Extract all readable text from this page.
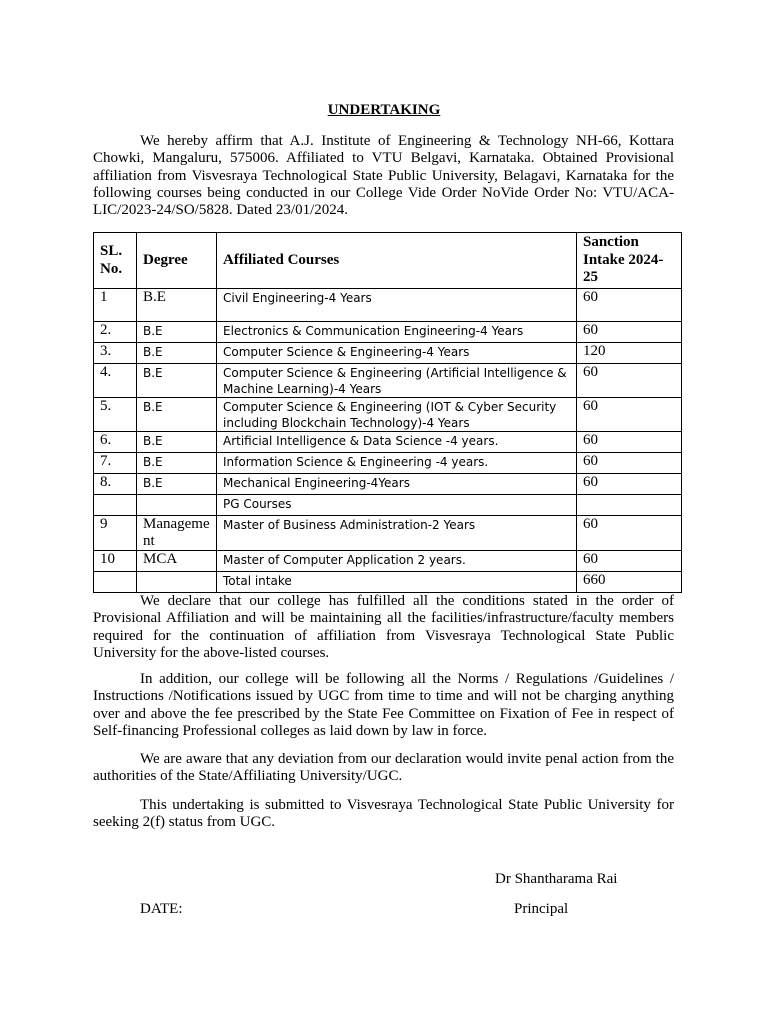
UNDERTAKING

We hereby affirm that A.J. Institute of Engineering & Technology NH-66, Kottara Chowki, Mangaluru, 575006. Affiliated to VTU Belgavi, Karnataka. Obtained Provisional affiliation from Visvesraya Technological State Public University, Belagavi, Karnataka for the following courses being conducted in our College Vide Order NoVide Order No: VTU/ACA-LIC/2023-24/SO/5828. Dated 23/01/2024.

SL. No.	Degree	Affiliated Courses	Sanction Intake 2024-25
1	B.E	Civil Engineering-4 Years	60
2.	B.E	Electronics & Communication Engineering-4 Years	60
3.	B.E	Computer Science & Engineering-4 Years	120
4.	B.E	Computer Science & Engineering (Artificial Intelligence & Machine Learning)-4 Years	60
5.	B.E	Computer Science & Engineering (IOT & Cyber Security including Blockchain Technology)-4 Years	60
6.	B.E	Artificial Intelligence & Data Science -4 years.	60
7.	B.E	Information Science & Engineering -4 years.	60
8.	B.E	Mechanical Engineering-4Years	60
		PG Courses	
9	Management	Master of Business Administration-2 Years	60
10	MCA	Master of Computer Application 2 years.	60
		Total intake	660

We declare that our college has fulfilled all the conditions stated in the order of Provisional Affiliation and will be maintaining all the facilities/infrastructure/faculty members required for the continuation of affiliation from Visvesraya Technological State Public University for the above-listed courses.

In addition, our college will be following all the Norms / Regulations /Guidelines / Instructions /Notifications issued by UGC from time to time and will not be charging anything over and above the fee prescribed by the State Fee Committee on Fixation of Fee in respect of Self-financing Professional colleges as laid down by law in force.

We are aware that any deviation from our declaration would invite penal action from the authorities of the State/Affiliating University/UGC.

This undertaking is submitted to Visvesraya Technological State Public University for seeking 2(f) status from UGC.

Dr Shantharama Rai
DATE:	Principal
